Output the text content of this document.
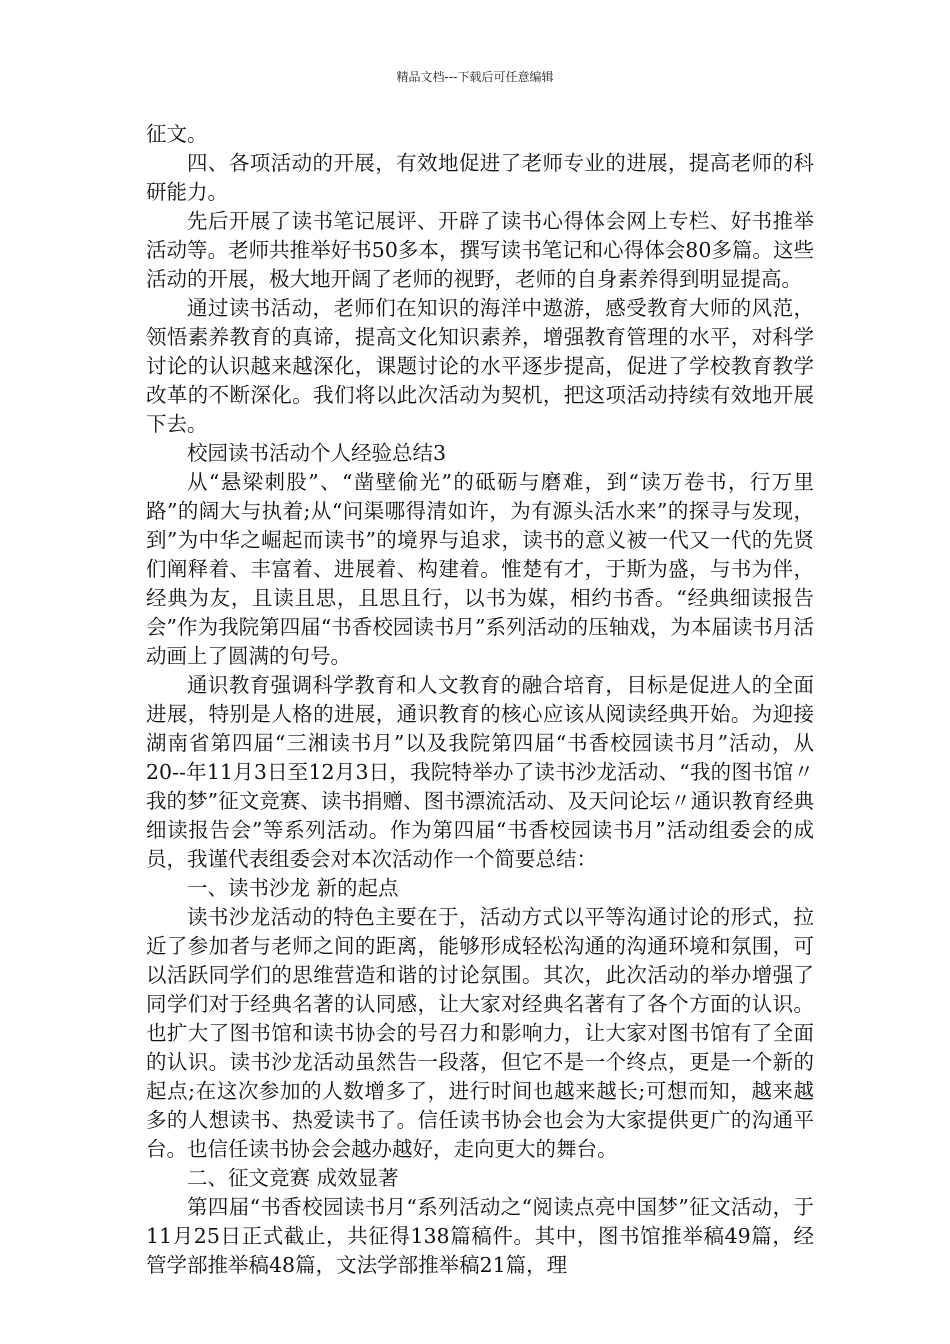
精品文档---下载后可任意编辑

征文。

四、各项活动的开展，有效地促进了老师专业的进展，提高老师的科研能力。

先后开展了读书笔记展评、开辟了读书心得体会网上专栏、好书推举活动等。老师共推举好书50多本，撰写读书笔记和心得体会80多篇。这些活动的开展，极大地开阔了老师的视野，老师的自身素养得到明显提高。

通过读书活动，老师们在知识的海洋中遨游，感受教育大师的风范，领悟素养教育的真谛，提高文化知识素养，增强教育管理的水平，对科学讨论的认识越来越深化，课题讨论的水平逐步提高，促进了学校教育教学改革的不断深化。我们将以此次活动为契机，把这项活动持续有效地开展下去。

校园读书活动个人经验总结3

从“悬梁刺股”、“凿壁偷光”的砥砺与磨难，到“读万卷书，行万里路”的阔大与执着;从“问渠哪得清如许，为有源头活水来”的探寻与发现，到”为中华之崛起而读书”的境界与追求，读书的意义被一代又一代的先贤们阐释着、丰富着、进展着、构建着。惟楚有才，于斯为盛，与书为伴，经典为友，且读且思，且思且行，以书为媒，相约书香。“经典细读报告会”作为我院第四届“书香校园读书月”系列活动的压轴戏，为本届读书月活动画上了圆满的句号。

通识教育强调科学教育和人文教育的融合培育，目标是促进人的全面进展，特别是人格的进展，通识教育的核心应该从阅读经典开始。为迎接湖南省第四届“三湘读书月”以及我院第四届“书香校园读书月”活动，从20--年11月3日至12月3日，我院特举办了读书沙龙活动、“我的图书馆〃我的梦”征文竞赛、读书捐赠、图书漂流活动、及天问论坛〃通识教育经典细读报告会”等系列活动。作为第四届“书香校园读书月”活动组委会的成员，我谨代表组委会对本次活动作一个简要总结：

一、读书沙龙 新的起点

读书沙龙活动的特色主要在于，活动方式以平等沟通讨论的形式，拉近了参加者与老师之间的距离，能够形成轻松沟通的沟通环境和氛围，可以活跃同学们的思维营造和谐的讨论氛围。其次，此次活动的举办增强了同学们对于经典名著的认同感，让大家对经典名著有了各个方面的认识。也扩大了图书馆和读书协会的号召力和影响力，让大家对图书馆有了全面的认识。读书沙龙活动虽然告一段落，但它不是一个终点，更是一个新的起点;在这次参加的人数增多了，进行时间也越来越长;可想而知，越来越多的人想读书、热爱读书了。信任读书协会也会为大家提供更广的沟通平台。也信任读书协会会越办越好，走向更大的舞台。

二、征文竞赛 成效显著

第四届“书香校园读书月“系列活动之“阅读点亮中国梦”征文活动，于11月25日正式截止，共征得138篇稿件。其中，图书馆推举稿49篇，经管学部推举稿48篇，文法学部推举稿21篇，理
